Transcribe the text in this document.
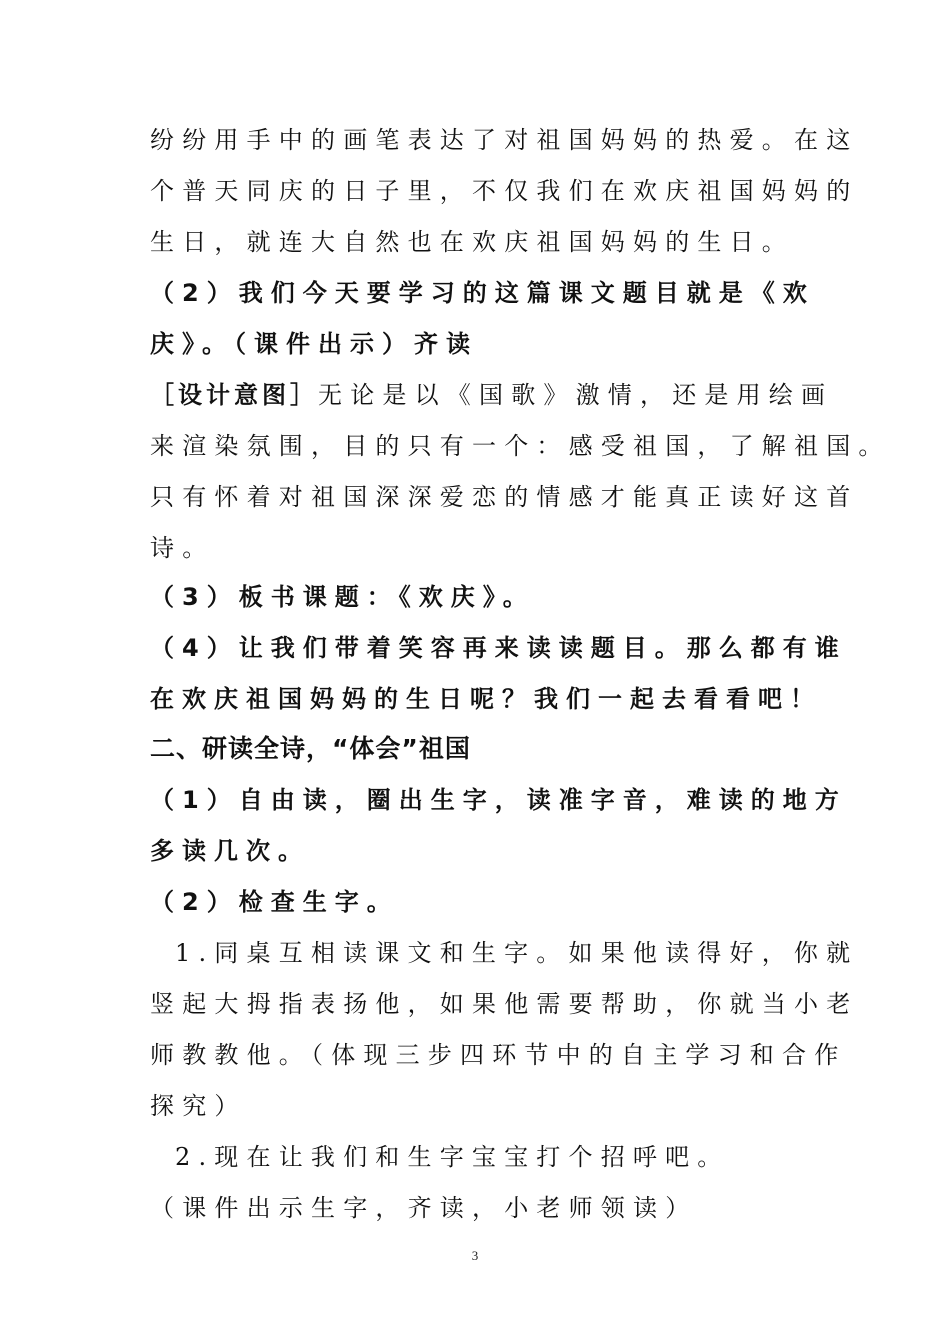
纷纷用手中的画笔表达了对祖国妈妈的热爱。在这
个普天同庆的日子里，不仅我们在欢庆祖国妈妈的
生日，就连大自然也在欢庆祖国妈妈的生日。
（2）我们今天要学习的这篇课文题目就是《欢
庆》。（课件出示）齐读
［设计意图］无论是以《国歌》激情，还是用绘画
来渲染氛围，目的只有一个：感受祖国，了解祖国。
只有怀着对祖国深深爱恋的情感才能真正读好这首
诗。
（3）板书课题：《欢庆》。
（4）让我们带着笑容再来读读题目。那么都有谁
在欢庆祖国妈妈的生日呢？我们一起去看看吧！
二、研读全诗，“体会”祖国
（1）自由读，圈出生字，读准字音，难读的地方
多读几次。
（2）检查生字。
1.同桌互相读课文和生字。如果他读得好，你就
竖起大拇指表扬他，如果他需要帮助，你就当小老
师教教他。（体现三步四环节中的自主学习和合作
探究）
2.现在让我们和生字宝宝打个招呼吧。
（课件出示生字，齐读，小老师领读）
3
